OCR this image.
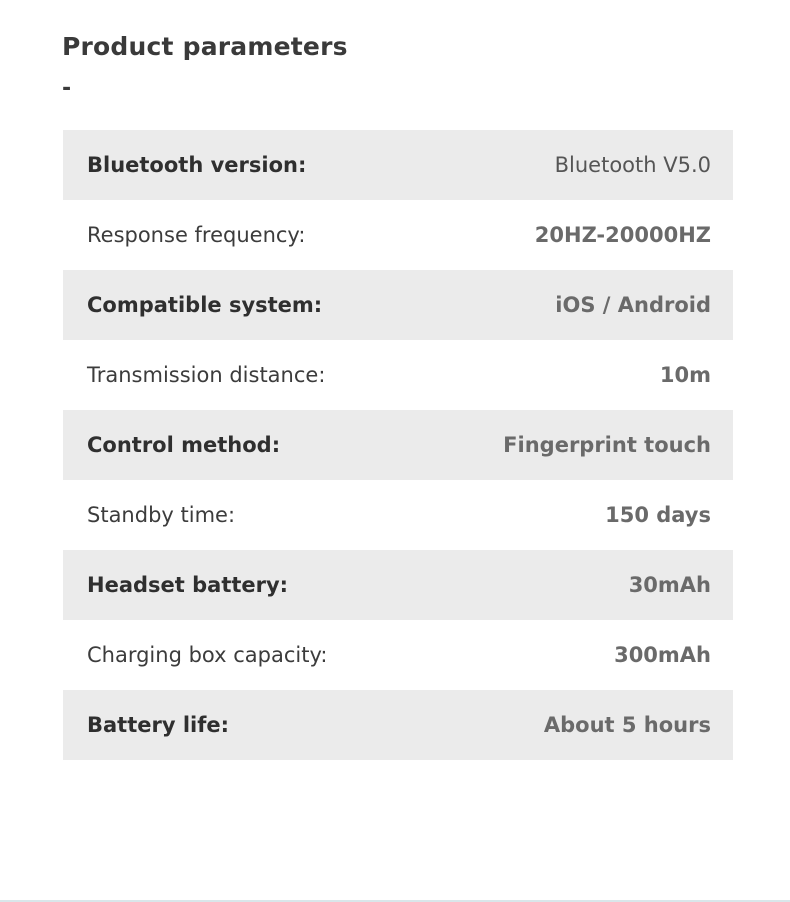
Product parameters
-
Bluetooth version:	Bluetooth V5.0
Response frequency:	20HZ-20000HZ
Compatible system:	iOS / Android
Transmission distance:	10m
Control method:	Fingerprint touch
Standby time:	150 days
Headset battery:	30mAh
Charging box capacity:	300mAh
Battery life:	About 5 hours
